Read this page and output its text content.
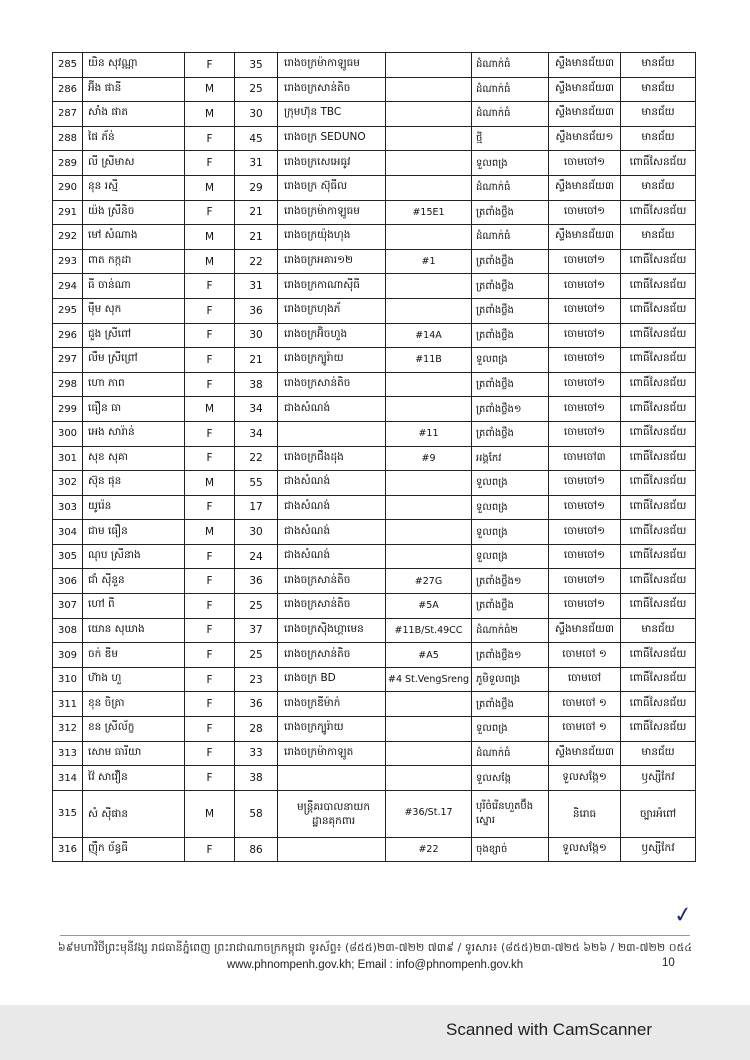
285	យិន សុវណ្ណា	F	35	រោងចក្រម៉ាកាឡូធម		ដំណាក់ធំ	ស្ទឹងមានជ័យ៣	មានជ័យ
286	អ៊ីង ផានី	M	25	រោងចក្រសាន់តិច		ដំណាក់ធំ	ស្ទឹងមានជ័យ៣	មានជ័យ
287	សាំង ផាត	M	30	ក្រុមហ៊ុន TBC		ដំណាក់ធំ	ស្ទឹងមានជ័យ៣	មានជ័យ
288	ផៃ ភ័ន់	F	45	រោងចក្រ SEDUNO		ថ្មី	ស្ទឹងមានជ័យ១	មានជ័យ
289	លី ស្រីមាស	F	31	រោងចក្រសេអេធូវ		ទួលពង្រ	ចោមចៅ១	ពោធិ៍សែនជ័យ
290	នុន រស្មី	M	29	រោងចក្រ ស៊ុធីល		ដំណាក់ធំ	ស្ទឹងមានជ័យ៣	មានជ័យ
291	យ៉ង ស្រីនិច	F	21	រោងចក្រម៉ាកាឡូធម	#15E1	ត្រពាំងថ្លឹង	ចោមចៅ១	ពោធិ៍សែនជ័យ
292	មៅ សំណាង	M	21	រោងចក្រយ៉ុងហុង		ដំណាក់ធំ	ស្ទឹងមានជ័យ៣	មានជ័យ
293	ពាត កក្កដា	M	22	រោងចក្រអគារ១២	#1	ត្រពាំងថ្លឹង	ចោមចៅ១	ពោធិ៍សែនជ័យ
294	ធី ចាន់ណា	F	31	រោងចក្រកាណាស៊ីធី		ត្រពាំងថ្លឹង	ចោមចៅ១	ពោធិ៍សែនជ័យ
295	ម៉ឹម សុក	F	36	រោងចក្រហុងភ័		ត្រពាំងថ្លឹង	ចោមចៅ១	ពោធិ៍សែនជ័យ
296	ជួង ស្រីពៅ	F	30	រោងចក្រអ៊ិចហួង	#14A	ត្រពាំងថ្លឹង	ចោមចៅ១	ពោធិ៍សែនជ័យ
297	លឹម ស្រីព្រៅ	F	21	រោងចក្រក្បូរ៉ាយ	#11B	ទួលពង្រ	ចោមចៅ១	ពោធិ៍សែនជ័យ
298	ហោ ភាព	F	38	រោងចក្រសាន់តិច		ត្រពាំងថ្លឹង	ចោមចៅ១	ពោធិ៍សែនជ័យ
299	ធឿន ធា	M	34	ជាងសំណង់		ត្រពាំងថ្លឹង១	ចោមចៅ១	ពោធិ៍សែនជ័យ
300	អេង សារ៉ាន់	F	34		#11	ត្រពាំងថ្លឹង	ចោមចៅ១	ពោធិ៍សែនជ័យ
301	សុខ សុគា	F	22	រោងចក្រជឹងដុង	#9	អង្គកែវ	ចោមចៅ៣	ពោធិ៍សែនជ័យ
302	ស៊ុន ផុន	M	55	ជាងសំណង់		ទួលពង្រ	ចោមចៅ១	ពោធិ៍សែនជ័យ
303	យូរ៉េន	F	17	ជាងសំណង់		ទួលពង្រ	ចោមចៅ១	ពោធិ៍សែនជ័យ
304	ជាម ធឿន	M	30	ជាងសំណង់		ទួលពង្រ	ចោមចៅ១	ពោធិ៍សែនជ័យ
305	ណុប ស្រីនាង	F	24	ជាងសំណង់		ទួលពង្រ	ចោមចៅ១	ពោធិ៍សែនជ័យ
306	ជាំ ស៊ីនួន	F	36	រោងចក្រសាន់តិច	#27G	ត្រពាំងថ្លឹង១	ចោមចៅ១	ពោធិ៍សែនជ័យ
307	ហៅ ពី	F	25	រោងចក្រសាន់តិច	#5A	ត្រពាំងថ្លឹង	ចោមចៅ១	ពោធិ៍សែនជ័យ
308	យោន សុឃាង	F	37	រោងចក្រស៊ិងហ្គាមេន	#11B/St.49CC	ដំណាក់ធំ២	ស្ទឹងមានជ័យ៣	មានជ័យ
309	ចក់ ឌីម	F	25	រោងចក្រសាន់តិច	#A5	ត្រពាំងថ្លឹង១	ចោមចៅ ១	ពោធិ៍សែនជ័យ
310	ហ៊ាង ហួ	F	23	រោងចក្រ BD	#4 St.VengSreng	ភូមិទួលពង្រ	ចោមចៅ	ពោធិ៍សែនជ័យ
311	ខុន ចិត្រា	F	36	រោងចក្រឌីម៉ាក់		ត្រពាំងថ្លឹង	ចោមចៅ ១	ពោធិ៍សែនជ័យ
312	ខន ស្រីល័ក្ខ	F	28	រោងចក្រក្បូរ៉ាយ		ទួលពង្រ	ចោមចៅ ១	ពោធិ៍សែនជ័យ
313	សោម ធារីយា	F	33	រោងចក្រម៉ាកាឡូត		ដំណាក់ធំ	ស្ទឹងមានជ័យ៣	មានជ័យ
314	វ៉ៃ សាវឿន	F	38			ទួលសង្កែ	ទួលសង្កែ១	ឫស្សីកែវ
315	សំ ស៊ីផាន	M	58	មន្ត្រីគរបាលនាយកដ្ឋានគុកពារ	#36/St.17	បុរីចំរើនហួតប៊ឹងស្នោរ	និរោធ	ច្បារអំពៅ
316	ញ៉ឹក ច័ន្ធធី	F	86		#22	ចុងខ្សាច់	ទួលសង្កែ១	ឫស្សីកែវ
✓
៦៩មហាវិថីព្រះមុនីវង្ស រាជធានីភ្នំពេញ ព្រះរាជាណាចក្រកម្ពុជា ទូរស័ព្ទ៖ (៨៥៥)២៣-៧២២ ៧៣៩ / ទូរសារ៖ (៨៥៥)២៣-៧២៥ ៦២៦ / ២៣-៧២២ ០៥៤
www.phnompenh.gov.kh; Email : info@phnompenh.gov.kh	10
Scanned with CamScanner
